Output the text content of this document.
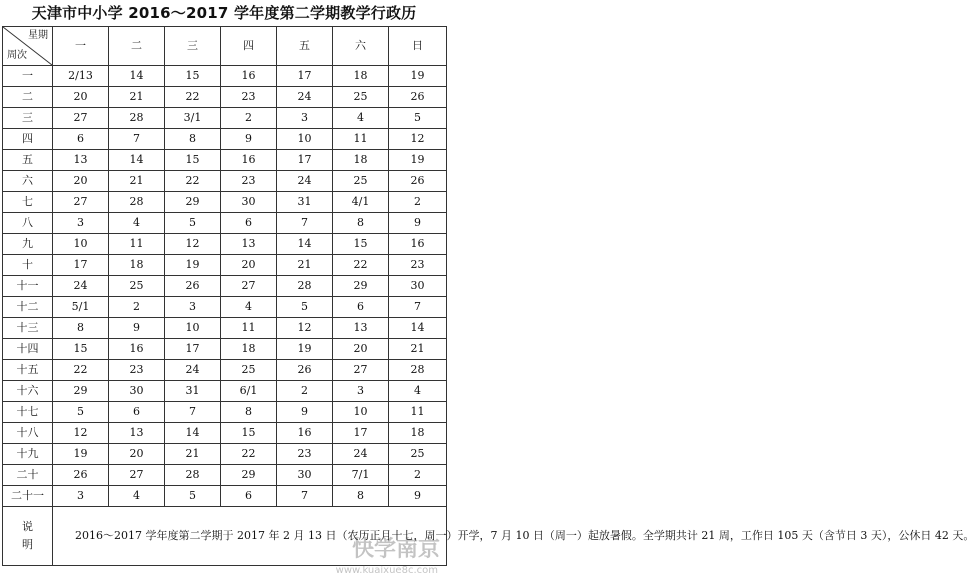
天津市中小学 2016～2017 学年度第二学期教学行政历
星期
周次	一	二	三	四	五	六	日
一	2/13	14	15	16	17	18	19
二	20	21	22	23	24	25	26
三	27	28	3/1	2	3	4	5
四	6	7	8	9	10	11	12
五	13	14	15	16	17	18	19
六	20	21	22	23	24	25	26
七	27	28	29	30	31	4/1	2
八	3	4	5	6	7	8	9
九	10	11	12	13	14	15	16
十	17	18	19	20	21	22	23
十一	24	25	26	27	28	29	30
十二	5/1	2	3	4	5	6	7
十三	8	9	10	11	12	13	14
十四	15	16	17	18	19	20	21
十五	22	23	24	25	26	27	28
十六	29	30	31	6/1	2	3	4
十七	5	6	7	8	9	10	11
十八	12	13	14	15	16	17	18
十九	19	20	21	22	23	24	25
二十	26	27	28	29	30	7/1	2
二十一	3	4	5	6	7	8	9

说
明	2016～2017 学年度第二学期于 2017 年 2 月 13 日（农历正月十七，周一）开学，7 月 10 日（周一）起放暑假。全学期共计 21 周，工作日 105 天（含节日 3 天），公休日 42 天。						
快学南京
www.kuaixue8c.com
